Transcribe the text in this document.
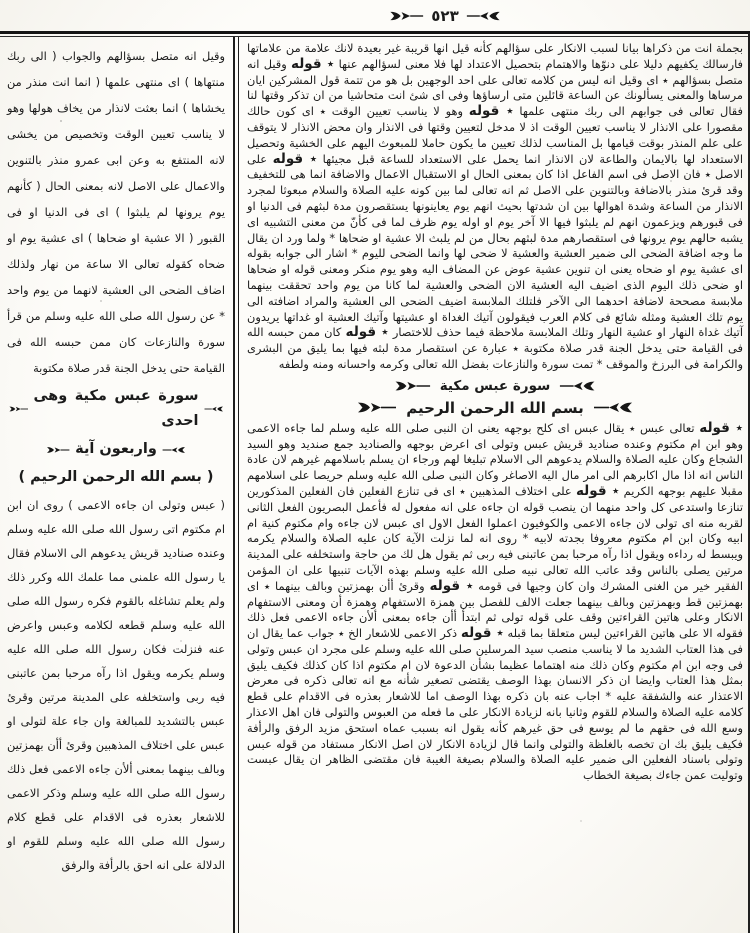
٥٢٣
وقيل انه متصل بسؤالهم والجواب ( الى ربك منتهاها ) اى منتهى علمها ( انما انت منذر من يخشاها ) انما بعثت لانذار من يخاف هولها وهو لا يناسب تعيين الوقت وتخصيص من يخشى لانه المنتفع به وعن ابى عمرو منذر بالتنوين والاعمال على الاصل لانه بمعنى الحال ( كأنهم يوم يرونها لم يلبثوا ) اى فى الدنيا او فى القبور ( الا عشية او ضحاها ) اى عشية يوم او ضحاه كقوله تعالى الا ساعة من نهار ولذلك اضاف الضحى الى العشية لانهما من يوم واحد * عن رسول الله صلى الله عليه وسلم من قرأ سورة والنازعات كان ممن حبسه الله فى القيامة حتى يدخل الجنة قدر صلاة مكتوبة
سورة عبس مكية وهى احدى
واربعون آية
( بسم الله الرحمن الرحيم )
( عبس وتولى ان جاءه الاعمى ) روى ان ابن ام مكتوم اتى رسول الله صلى الله عليه وسلم وعنده صناديد قريش يدعوهم الى الاسلام فقال يا رسول الله علمنى مما علمك الله وكرر ذلك ولم يعلم تشاغله بالقوم فكره رسول الله صلى الله عليه وسلم قطعه لكلامه وعبس واعرض عنه فنزلت فكان رسول الله صلى الله عليه وسلم يكرمه ويقول اذا رآه مرحبا بمن عاتبنى فيه ربى واستخلفه على المدينة مرتين وقرئ عبس بالتشديد للمبالغة وان جاء علة لتولى او عبس على اختلاف المذهبين وقرئ أأن بهمزتين وبالف بينهما بمعنى ألأن جاءه الاعمى فعل ذلك رسول الله صلى الله عليه وسلم وذكر الاعمى للاشعار بعذره فى الاقدام على قطع كلام رسول الله صلى الله عليه وسلم للقوم او الدلالة على انه احق بالرأفة والرفق
بجملة انت من ذكراها بيانا لسبب الانكار على سؤالهم كأنه قيل انها قريبة غير بعيدة لانك علامة من علاماتها فارسالك يكفيهم دليلا على دنوّها والاهتمام بتحصيل الاعتداد لها فلا معنى لسؤالهم عنها ٭ قوله وقيل انه متصل بسؤالهم ٭ اى وقيل انه ليس من كلامه تعالى على احد الوجهين بل هو من تتمة قول المشركين ايان مرساها والمعنى يسألونك عن الساعة قائلين متى ارساؤها وفى اى شئ انت متحاشيا من ان تذكر وقتها لنا فقال تعالى فى جوابهم الى ربك منتهى علمها ٭ قوله وهو لا يناسب تعيين الوقت ٭ اى كون حالك مقصورا على الانذار لا يناسب تعيين الوقت اذ لا مدخل لتعيين وقتها فى الانذار وان محض الانذار لا يتوقف على علم المنذر بوقت قيامها بل المناسب لذلك تعيين ما يكون حاملا للمبعوث اليهم على الخشية وتحصيل الاستعداد لها بالايمان والطاعة لان الانذار انما يحمل على الاستعداد للساعة قبل مجيئها ٭ قوله على الاصل ٭ فان الاصل فى اسم الفاعل اذا كان بمعنى الحال او الاستقبال الاعمال والاضافة انما هى للتخفيف وقد قرئ منذر بالاضافة وبالتنوين على الاصل ثم انه تعالى لما بين كونه عليه الصلاة والسلام مبعوثا لمجرد الانذار من الساعة وشدة اهوالها بين ان شدتها بحيث انهم يوم يعاينونها يستقصرون مدة لبثهم فى الدنيا او فى قبورهم ويزعمون انهم لم يلبثوا فيها الا آخر يوم او اوله يوم ظرف لما فى كأنّ من معنى التشبيه اى يشبه حالهم يوم يرونها فى استقصارهم مدة لبثهم بحال من لم يلبث الا عشية او ضحاها * ولما ورد ان يقال ما وجه اضافة الضحى الى ضمير العشية والعشية لا ضحى لها وانما الضحى لليوم * اشار الى جوابه بقوله اى عشية يوم او ضحاه يعنى ان تنوين عشية عوض عن المضاف اليه وهو يوم منكر ومعنى قوله او ضحاها او ضحى ذلك اليوم الذى اضيف اليه العشية الان الضحى والعشية لما كانا من يوم واحد تحققت بينهما ملابسة مصححة لاضافة احدهما الى الآخر فلتلك الملابسة اضيف الضحى الى العشية والمراد اضافته الى يوم تلك العشية ومثله شائع فى كلام العرب فيقولون آتيك الغداة او عشيتها وآتيك العشية او غداتها يريدون آتيك غداة النهار او عشية النهار وتلك الملابسة ملاحظة فيما حذف للاختصار ٭ قوله كان ممن حبسه الله فى القيامة حتى يدخل الجنة قدر صلاة مكتوبة ٭ عبارة عن استقصار مدة لبثه فيها بما يليق من البشرى والكرامة فى البرزخ والموقف * تمت سورة والنازعات بفضل الله تعالى وكرمه واحسانه ومنه ولطفه
سورة عبس مكية
بسم الله الرحمن الرحيم
٭ قوله تعالى عبس ٭ يقال عبس اى كلح بوجهه يعنى ان النبى صلى الله عليه وسلم لما جاءه الاعمى وهو ابن ام مكتوم وعنده صناديد قريش عبس وتولى اى اعرض بوجهه والصناديد جمع صنديد وهو السيد الشجاع وكان عليه الصلاة والسلام يدعوهم الى الاسلام تبليغا لهم ورجاء ان يسلم باسلامهم غيرهم لان عادة الناس انه اذا مال اكابرهم الى امر مال اليه الاصاغر وكان النبى صلى الله عليه وسلم حريصا على اسلامهم مقبلا عليهم بوجهه الكريم ٭ قوله على اختلاف المذهبين ٭ اى فى تنازع الفعلين فان الفعلين المذكورين تنازعا واستدعى كل واحد منهما ان ينصب قوله ان جاءه على انه مفعول له فأعمل البصريون الفعل الثانى لقربه منه اى تولى لان جاءه الاعمى والكوفيون اعملوا الفعل الاول اى عبس لان جاءه وام مكتوم كنية ام ابيه وكان ابن ام مكتوم معروفا بجدته لابيه * روى انه لما نزلت الآية كان عليه الصلاة والسلام يكرمه ويبسط له رداءه ويقول اذا رآه مرحبا بمن عاتبنى فيه ربى ثم يقول هل لك من حاجة واستخلفه على المدينة مرتين يصلى بالناس وقد عاتب الله تعالى نبيه صلى الله عليه وسلم بهذه الآيات تنبيها على ان المؤمن الفقير خير من الغنى المشرك وان كان وجيها فى قومه ٭ قوله وقرئ أأن بهمزتين وبالف بينهما ٭ اى بهمزتين قط وبهمزتين وبالف بينهما جعلت الالف للفصل بين همزة الاستفهام وهمزة أن ومعنى الاستفهام الانكار وعلى هاتين القراءتين وقف على قوله تولى ثم ابتدأ أأن جاءه بمعنى ألأن جاءه الاعمى فعل ذلك فقوله الا على هاتين القراءتين ليس متعلقا بما قبله ٭ قوله ذكر الاعمى للاشعار الخ ٭ جواب عما يقال ان فى هذا العتاب الشديد ما لا يناسب منصب سيد المرسلين صلى الله عليه وسلم على مجرد ان عبس وتولى فى وجه ابن ام مكتوم وكان ذلك منه اهتماما عظيما بشأن الدعوة لان ام مكتوم اذا كان كذلك فكيف يليق بمثل هذا العتاب وايضا ان ذكر الانسان بهذا الوصف يقتضى تصغير شأنه مع انه تعالى ذكره فى معرض الاعتذار عنه والشفقة عليه * اجاب عنه بان ذكره بهذا الوصف اما للاشعار بعذره فى الاقدام على قطع كلامه عليه الصلاة والسلام للقوم وثانيا بانه لزيادة الانكار على ما فعله من العبوس والتولى فان اهل الاعذار وسع الله فى حقهم ما لم يوسع فى حق غيرهم كأنه يقول انه بسبب عماه استحق مزيد الرفق والرأفة فكيف يليق بك ان تخصه بالغلظة والتولى وانما قال لزيادة الانكار لان اصل الانكار مستفاد من قوله عبس وتولى باسناد الفعلين الى ضمير عليه الصلاة والسلام بصيغة الغيبة فان مقتضى الظاهر ان يقال عبست وتوليت عمن جاءك بصيغة الخطاب
